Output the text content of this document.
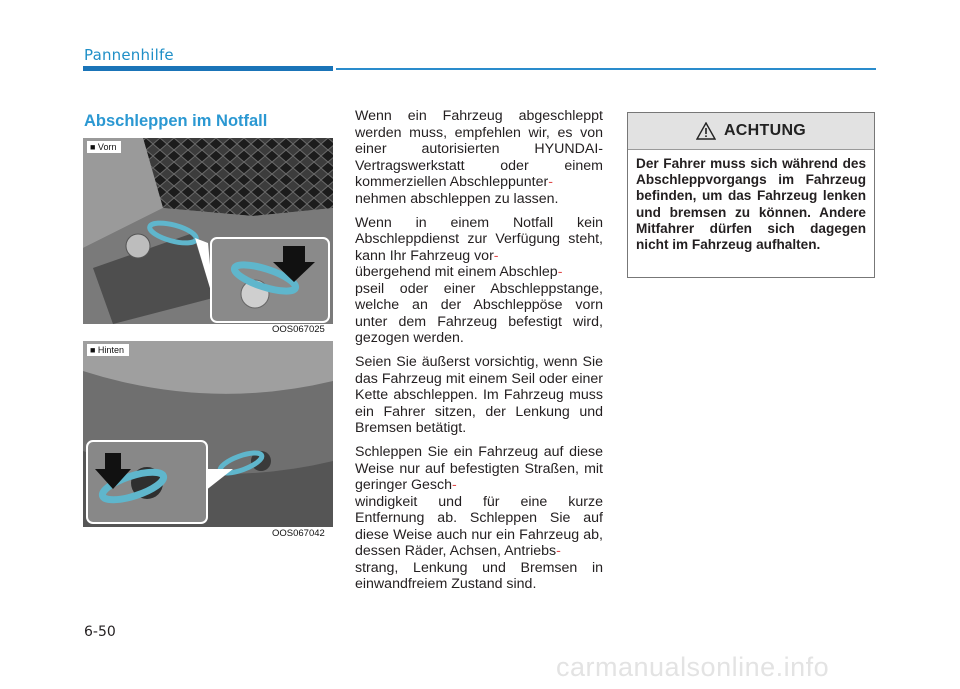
Pannenhilfe
Abschleppen im Notfall
■ Vorn
OOS067025
■ Hinten
OOS067042

Wenn ein Fahrzeug abgeschleppt werden muss, empfehlen wir, es von einer autorisierten HYUNDAI-Vertragswerkstatt oder einem kommerziellen Abschleppunter-
nehmen abschleppen zu lassen.

Wenn in einem Notfall kein Abschleppdienst zur Verfügung steht, kann Ihr Fahrzeug vor-
übergehend mit einem Abschlep-
pseil oder einer Abschleppstange, welche an der Abschleppöse vorn unter dem Fahrzeug befestigt wird, gezogen werden.

Seien Sie äußerst vorsichtig, wenn Sie das Fahrzeug mit einem Seil oder einer Kette abschleppen. Im Fahrzeug muss ein Fahrer sitzen, der Lenkung und Bremsen betätigt.

Schleppen Sie ein Fahrzeug auf diese Weise nur auf befestigten Straßen, mit geringer Gesch-
windigkeit und für eine kurze Entfernung ab. Schleppen Sie auf diese Weise auch nur ein Fahrzeug ab, dessen Räder, Achsen, Antriebs-
strang, Lenkung und Bremsen in einwandfreiem Zustand sind.

ACHTUNG
Der Fahrer muss sich während des Abschleppvorgangs im Fahrzeug befinden, um das Fahrzeug lenken und bremsen zu können. Andere Mitfahrer dürfen sich dagegen nicht im Fahrzeug aufhalten.
6-50
carmanualsonline.info
